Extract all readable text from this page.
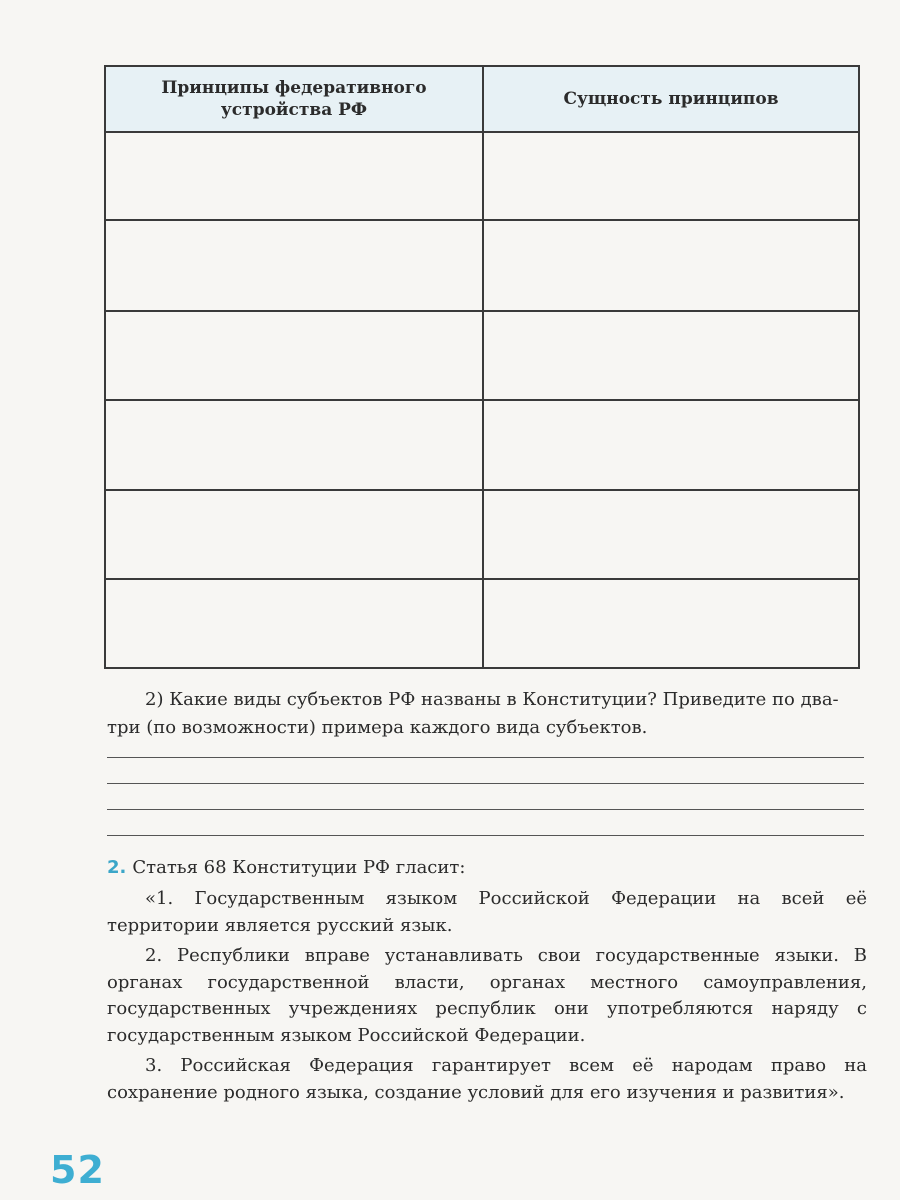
Принципы федеративного
устройства РФ
Сущность принципов
2) Какие виды субъектов РФ названы в Конституции? Приведите по два-три (по возможности) примера каждого вида субъектов.
2. Статья 68 Конституции РФ гласит:

«1. Государственным языком Российской Федерации на всей её территории является русский язык.

2. Республики вправе устанавливать свои государственные языки. В органах государственной власти, органах местного самоуправления, государственных учреждениях республик они употребляются наряду с государственным языком Российской Федерации.

3. Российская Федерация гарантирует всем её народам право на сохранение родного языка, создание условий для его изучения и развития».

52
